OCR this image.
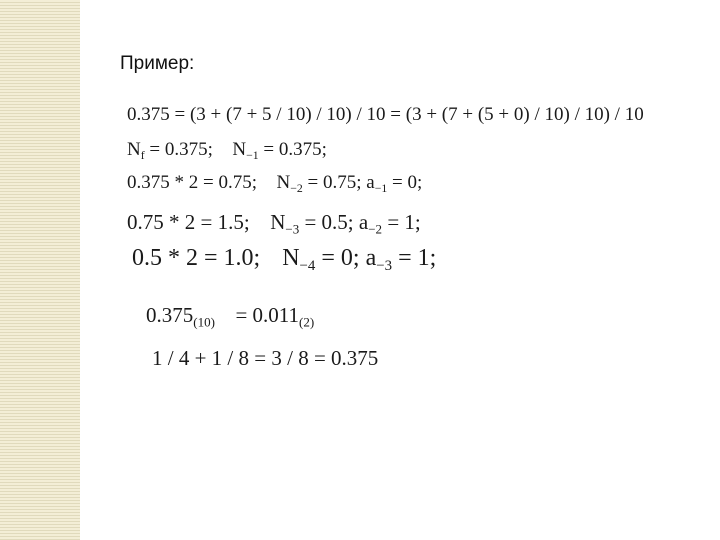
Пример:
0.375 = (3 + (7 + 5 / 10) / 10) / 10 = (3 + (7 + (5 + 0) / 10) / 10) / 10
$N_f = 0.375$; $N_{-1} = 0.375$;
0.375 * 2 = 0.75; $N_{-2} = 0.75$; $a_{-1} = 0$;
0.75 * 2 = 1.5; $N_{-3} = 0.5$; $a_{-2} = 1$;
0.5 * 2 = 1.0; $N_{-4} = 0$; $a_{-3} = 1$;
$0.375_{(10)} = 0.011_{(2)}$
1 / 4 + 1 / 8 = 3 / 8 = 0.375
